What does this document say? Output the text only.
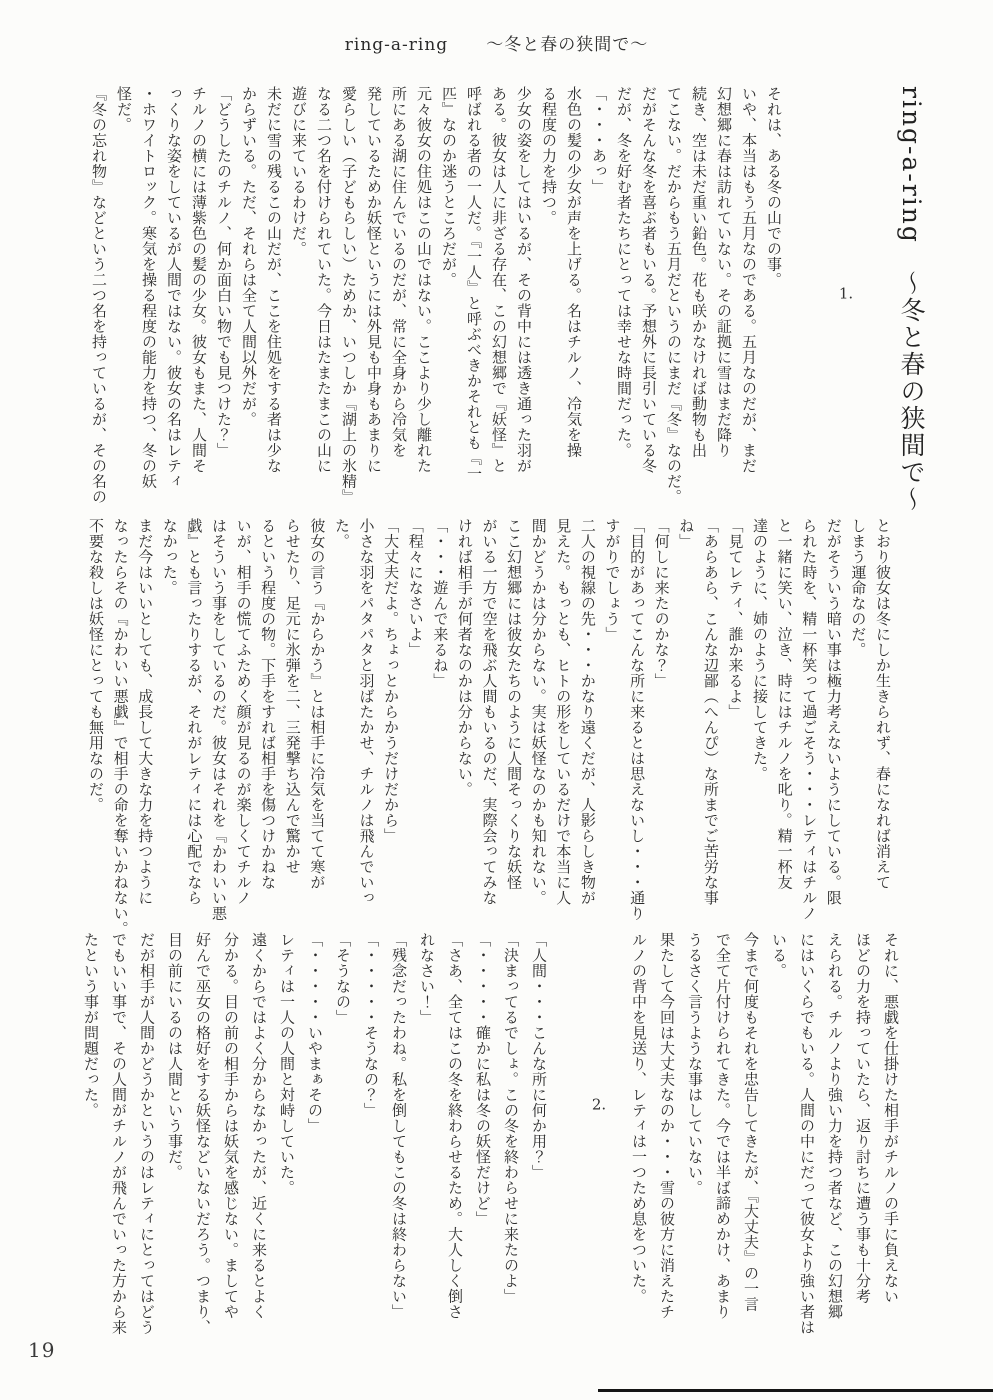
ring-a-ring ～冬と春の狭間で～
ring-a-ring～冬と春の狭間で～
1.

それは、ある冬の山での事。

いや、本当はもう五月なのである。五月なのだが、まだ

幻想郷に春は訪れていない。その証拠に雪はまだ降り

続き、空は未だ重い鉛色。花も咲かなければ動物も出

てこない。だからもう五月だというのにまだ『冬』なのだ。

だがそんな冬を喜ぶ者もいる。予想外に長引いている冬

だが、冬を好む者たちにとっては幸せな時間だった。

「・・・あっ」

水色の髪の少女が声を上げる。名はチルノ、冷気を操

る程度の力を持つ。

少女の姿をしてはいるが、その背中には透き通った羽が

ある。彼女は人に非ざる存在、この幻想郷で『妖怪』と

呼ばれる者の一人だ。『一人』と呼ぶべきかそれとも『一

匹』なのか迷うところだが。

元々彼女の住処はこの山ではない。ここより少し離れた

所にある湖に住んでいるのだが、常に全身から冷気を

発しているためか妖怪というには外見も中身もあまりに

愛らしい（子どもらしい）ためか、いつしか『湖上の氷精』

なる二つ名を付けられていた。今日はたまたまこの山に

遊びに来ているわけだ。

未だに雪の残るこの山だが、ここを住処をする者は少な

からずいる。ただ、それらは全て人間以外だが。

「どうしたのチルノ、何か面白い物でも見つけた？」

チルノの横には薄紫色の髪の少女。彼女もまた、人間そ

っくりな姿をしているが人間ではない。彼女の名はレティ

・ホワイトロック。寒気を操る程度の能力を持つ、冬の妖

怪だ。

『冬の忘れ物』などという二つ名を持っているが、その名の

とおり彼女は冬にしか生きられず、春になれば消えて

しまう運命なのだ。

だがそういう暗い事は極力考えないようにしている。限

られた時を、精一杯笑って過ごそう・・・レティはチルノ

と一緒に笑い、泣き、時にはチルノを叱り。精一杯友

達のように、姉のように接してきた。

「見てレティ、誰か来るよ」

「あらあら、こんな辺鄙（へんぴ）な所までご苦労な事

ね」

「何しに来たのかな？」

「目的があってこんな所に来るとは思えないし・・・通り

すがりでしょう」

二人の視線の先・・・かなり遠くだが、人影らしき物が

見えた。もっとも、ヒトの形をしているだけで本当に人

間かどうかは分からない。実は妖怪なのかも知れない。

ここ幻想郷には彼女たちのように人間そっくりな妖怪

がいる一方で空を飛ぶ人間もいるのだ、実際会ってみな

ければ相手が何者なのかは分からない。

「・・・遊んで来るね」

「程々になさいよ」

「大丈夫だよ。ちょっとからかうだけだから」

小さな羽をパタパタと羽ばたかせ、チルノは飛んでいっ

た。

彼女の言う『からかう』とは相手に冷気を当てて寒が

らせたり、足元に氷弾を二、三発撃ち込んで驚かせ

るという程度の物。下手をすれば相手を傷つけかねな

いが、相手の慌てふためく顔が見るのが楽しくてチルノ

はそういう事をしているのだ。彼女はそれを『かわいい悪

戯』とも言ったりするが、それがレティには心配でなら

なかった。

まだ今はいいとしても、成長して大きな力を持つように

なったらその『かわいい悪戯』で相手の命を奪いかねない。

不要な殺しは妖怪にとっても無用なのだ。

それに、悪戯を仕掛けた相手がチルノの手に負えない

ほどの力を持っていたら、返り討ちに遭う事も十分考

えられる。チルノより強い力を持つ者など、この幻想郷

にはいくらでもいる。人間の中にだって彼女より強い者は

いる。

今まで何度もそれを忠告してきたが、『大丈夫』の一言

で全て片付けられてきた。今では半ば諦めかけ、あまり

うるさく言うような事はしていない。

果たして今回は大丈夫なのか・・・雪の彼方に消えたチ

ルノの背中を見送り、レティは一つため息をついた。

2.

「人間・・・こんな所に何か用？」

「決まってるでしょ。この冬を終わらせに来たのよ」

「・・・・・確かに私は冬の妖怪だけど」

「さあ、全てはこの冬を終わらせるため。大人しく倒さ

れなさい！」

「残念だったわね。私を倒してもこの冬は終わらない」

「・・・・・そうなの？」

「そうなの」

「・・・・・いやまぁその」

レティは一人の人間と対峙していた。

遠くからではよく分からなかったが、近くに来るとよく

分かる。目の前の相手からは妖気を感じない。ましてや

好んで巫女の格好をする妖怪などいないだろう。つまり、

目の前にいるのは人間という事だ。

だが相手が人間かどうかというのはレティにとってはどう

でもいい事で、その人間がチルノが飛んでいった方から来

たという事が問題だった。

19
